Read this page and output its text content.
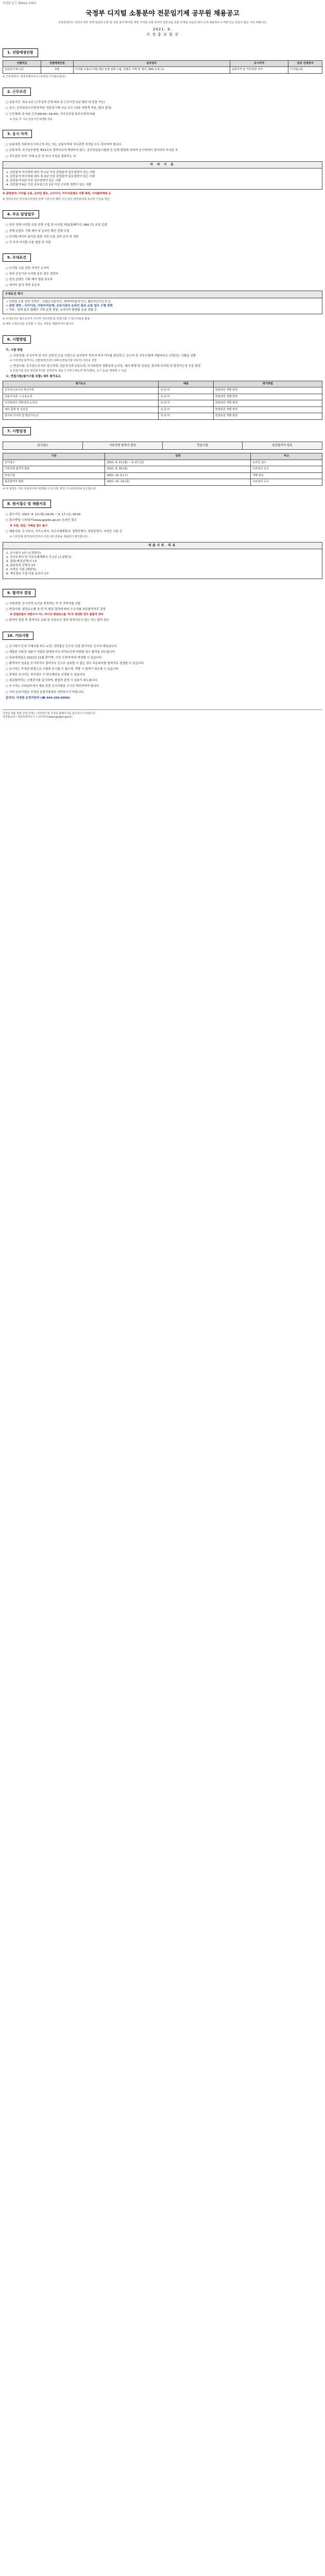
국정원 공고 제2021-176호
국정부 디지털 소통분야 전문임기제 공무원 채용공고

국정원에서는 국민의 정부 정책 알림과 소통 및 국민 참여 확대를 위한 디지털 소통 분야의 전문성을 갖춘 인재를 다음과 같이 공개 채용하오니 역량 있는 분들의 많은 지원 바랍니다.

2021. 9.
국 정 홍 보 원 장
1. 선발예정인원
선발직급	선발예정인원	담당업무	응시자격	담당 선정분야
전문임기제 나급	1명	디지털 소통(디지털 채널 운영 전략 수립, 콘텐츠 기획 및 제작, SNS 운영 등)	공통자격 및 직무관련 자격	디지털소통

※ 근무예정지: 세종특별자치시 (국정원 디지털소통실)

2. 근무조건

○ 임용기간: 최초 2년 (근무실적 등에 따라 총 근무기간 5년 범위 내 연장 가능)

○ 보수: 공무원보수규정에 따른 전문임기제 나급 보수 (연봉 하한액 적용, 협의 결정)

○ 근무형태: 주 5일 근무(09:00~18:00), 국가공무원 복무규정에 따름

※ 임용 후 시보 임용기간 6개월 적용

3. 응시 자격

○ 임용예정 직위에 응시하고자 하는 자는 공통자격과 직무관련 자격을 모두 갖추어야 합니다.

○ 공통자격: 국가공무원법 제33조의 결격사유에 해당하지 않고, 공무원임용시험령 등 관계 법령에 의하여 응시자격이 정지되지 아니한 자

○ 직무관련 자격: 아래 요건 중 하나 이상을 충족하는 자

자 격 기 준

1. 관련분야 석사학위 취득 후 1년 이상 관련분야 실무경력이 있는 사람

2. 관련분야 학사학위 취득 후 3년 이상 관련분야 실무경력이 있는 사람

3. 관련분야 5년 이상 실무경력이 있는 사람

4. 관련분야 6급 이상 공무원으로 2년 이상 근무한 경력이 있는 사람

※ 관련분야: 디지털 소통, 온라인 홍보, 뉴미디어, 미디어콘텐츠 기획·제작, 디지털마케팅 등

※ 경력요건은 원서접수마감일 현재 기준이며 해당 기간 동안 관련분야에 종사한 기간을 합산

4. 주요 담당업무

○ 정부 정책 디지털 소통 전략 수립 및 디지털 채널(홈페이지, SNS 등) 운영 총괄

○ 정책 콘텐츠 기획·제작 및 온라인 확산 전략 수립

○ 디지털 데이터 분석을 통한 국민 소통 성과 관리 및 개선

○ 각 부처 디지털 소통 협업 및 지원

5. 우대요건

○ 디지털 소통 관련 자격증 소지자

○ 정부·공공기관 디지털 홍보 업무 경력자

○ 영상 콘텐츠 기획·제작 경험 보유자

○ 데이터 분석 역량 보유자

우대요건 예시

• 디지털 소통 관련 자격증 : 사회조사분석사, 빅데이터분석기사, 웹디자인기능사 등

• 관련 경력 : 국가기관, 지방자치단체, 공공기관의 온라인 홍보·소통 업무 수행 경력

• 기타 : 정책 홍보 캠페인 기획·운영 경험, 뉴미디어 플랫폼 운영 경험 등

※ 우대요건은 필수요건이 아니며 서류전형 및 면접시험 시 참고자료로 활용

※ 해당 우대요건을 증빙할 수 있는 서류를 제출하여야 합니다

6. 시험방법

가. 시험 방법

○ 서류전형: 응시자격 및 직무 관련성 등을 서면으로 심사하여 적격·부적격 여부를 판단하고, 응시자 중 직무수행에 적합하다고 인정되는 사람을 선발

※ 서류전형 합격자는 선발예정인원의 3배수(면접시험 대상자) 내외로 선발

○ 면접시험: 공무원으로서의 정신자세, 전문지식과 응용능력, 의사표현의 정확성과 논리성, 예의·품행 및 성실성, 창의력·의지력 및 발전가능성 등을 평정

※ 면접시험 결과 최종합격자를 결정하며, 필요시 직무수행능력 평가(발표, 실기 등)를 병행할 수 있음

나. 면접시험(필기시험 포함) 세부 평가요소

평가요소	배점	평가방법
공무원으로서의 정신자세	상·중·하	면접위원 개별 평정
전문지식과 그 응용능력	상·중·하	면접위원 개별 평정
의사표현의 정확성과 논리성	상·중·하	면접위원 개별 평정
예의·품행 및 성실성	상·중·하	면접위원 개별 평정
창의력·의지력 및 발전가능성	상·중·하	면접위원 개별 평정
7. 시험일정
원서접수	서류전형 합격자 발표	면접시험	최종합격자 발표
구분	일정	비고
원서접수	2021. 9. 13.(월) ~ 9. 17.(금)	온라인 접수
서류전형 합격자 발표	2021. 9. 28.(화)	나라일터 공고
면접시험	2021. 10. 6.(수)	개별 통보
최종합격자 발표	2021. 10. 14.(목)	나라일터 공고

※ 위 일정은 기관 사정에 따라 변경될 수 있으며, 변경 시 나라일터에 공고합니다.

8. 원서접수 및 제출서류

○ 접수기간: 2021. 9. 13.(월) 09:00 ~ 9. 17.(금) 18:00

○ 접수방법: 나라일터(www.gojobs.go.kr) 온라인 접수

※ 우편, 방문, 이메일 접수 불가

○ 제출서류: 응시원서, 자기소개서, 직무수행계획서, 경력증명서, 학위증명서, 자격증 사본 등

※ 서류전형 합격자에 한하여 증빙서류 원본을 제출받아 확인합니다.

제출서류 목록

1. 응시원서 1부 (소정양식)

2. 자기소개서 및 직무수행계획서 각 1부 (소정양식)

3. 경력(재직)증명서 1부

4. 최종학력 증명서 1부

5. 자격증 사본 (해당자)

6. 개인정보 수집·이용 동의서 1부

9. 합격자 결정

○ 서류전형: 응시자격 요건을 충족하는 자 중 적격자를 선발

○ 면접시험: 평정요소별 상·중·하 평정 결과에 따라 우수자를 최종합격자로 결정

※ 면접위원의 과반수가 어느 하나의 평정요소를 '하'로 평정한 경우 불합격 처리

○ 합격자 결정 후 결격사유 조회 및 신원조사 결과 결격사유가 있는 자는 합격 취소

10. 기타사항

○ 응시원서 등의 기재사항 착오·누락, 연락불능 등으로 인한 불이익은 응시자 책임입니다.

○ 제출된 서류의 내용이 허위로 판명되거나 자격요건에 미달할 경우 합격을 취소합니다.

○ 임용예정일은 2021년 11월 중이며, 기관 사정에 따라 변경될 수 있습니다.

○ 합격자가 임용을 포기하거나 결격사유 등으로 임용할 수 없는 경우 차순위자를 합격자로 결정할 수 있습니다.

○ 응시자는 부정한 방법으로 시험에 응시할 수 없으며, 적발 시 합격이 취소될 수 있습니다.

○ 장애인 응시자는 원서접수 시 편의제공을 신청할 수 있습니다.

○ 최종합격자는 신체검사를 실시하며, 불합격 판정 시 임용이 취소됩니다.

○ 응시자는 나라일터에서 채용 관련 공지사항을 수시로 확인하여야 합니다.

○ 기타 문의사항은 국정원 운영지원과로 연락하시기 바랍니다.

문의처: 국정원 운영지원과 (☎ 044-203-0000)

국정원 채용 관련 상세 안내는 나라일터 및 국정원 홈페이지를 참고하시기 바랍니다.

국정홍보원 | 세종특별자치시 | 나라일터(www.gojobs.go.kr)
